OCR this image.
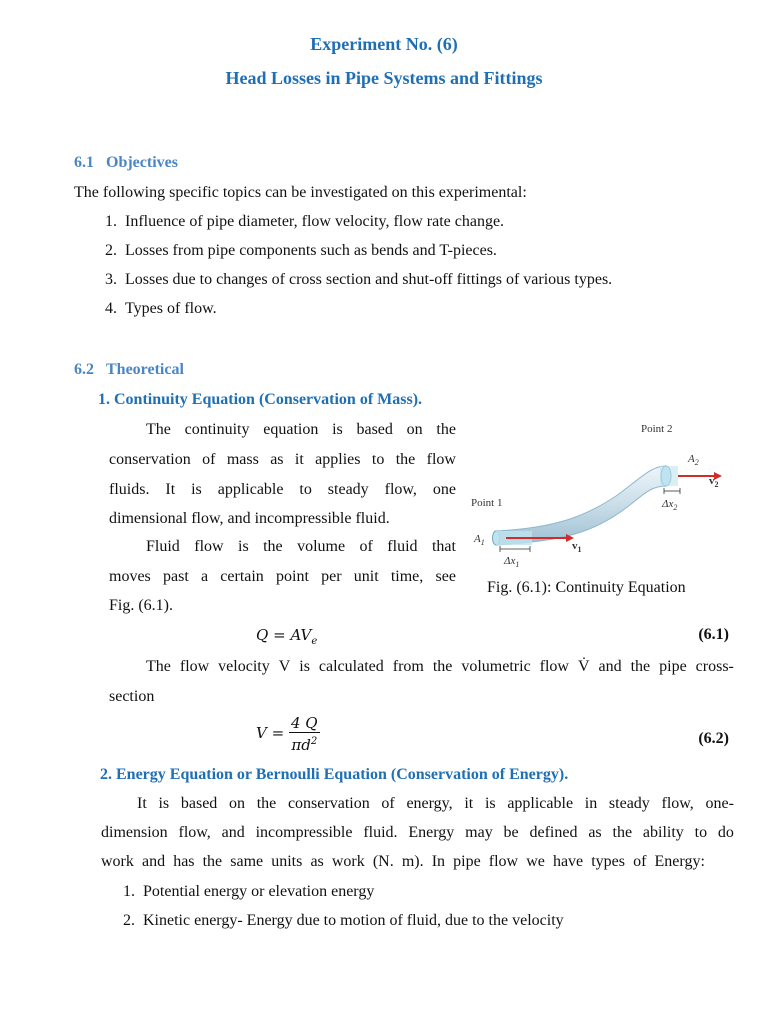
Experiment No. (6)
Head Losses in Pipe Systems and Fittings
6.1 Objectives
The following specific topics can be investigated on this experimental:
1.  Influence of pipe diameter, flow velocity, flow rate change.
2.  Losses from pipe components such as bends and T-pieces.
3.  Losses due to changes of cross section and shut-off fittings of various types.
4.  Types of flow.
6.2 Theoretical
1. Continuity Equation (Conservation of Mass).
The continuity equation is based on the
conservation of mass as it applies to the flow
fluids. It is applicable to steady flow, one
dimensional flow, and incompressible fluid.
Fluid flow is the volume of fluid that
moves past a certain point per unit time, see
Fig. (6.1).
Point 2
Point 1
$A_2$
$A_1$	$v_1$
$v_2$
$\Delta x_1$
$\Delta x_2$
Fig. (6.1): Continuity Equation
$Q = AV_e$	(6.1)
The flow velocity V is calculated from the volumetric flow V̇ and the pipe cross-
section
$V = \frac{4 Q}{\pi d^2}$	(6.2)
2. Energy Equation or Bernoulli Equation (Conservation of Energy).
It is based on the conservation of energy, it is applicable in steady flow, one-
dimension flow, and incompressible fluid. Energy may be defined as the ability to do
work and has the same units as work (N. m). In pipe flow we have types of Energy:
1.  Potential energy or elevation energy
2.  Kinetic energy- Energy due to motion of fluid, due to the velocity
